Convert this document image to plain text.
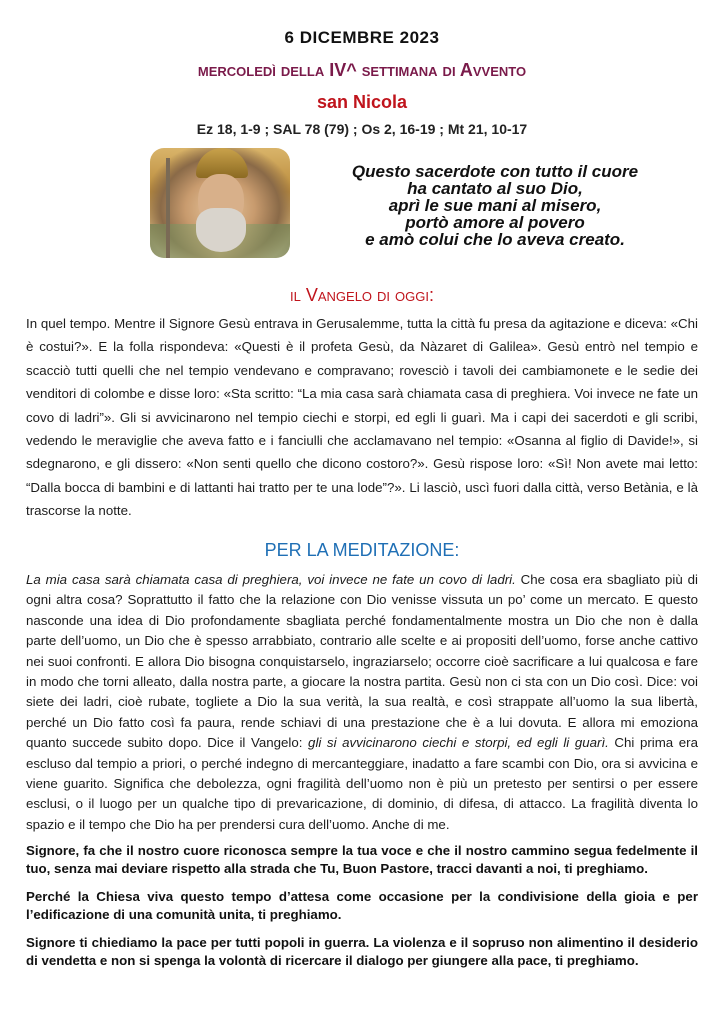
6 DICEMBRE 2023
mercoledì della IV^ settimana di Avvento
san Nicola
Ez 18, 1-9 ; SAL 78 (79) ; Os 2, 16-19 ; Mt 21, 10-17
Questo sacerdote con tutto il cuore
ha cantato al suo Dio,
aprì le sue mani al misero,
portò amore al povero
e amò colui che lo aveva creato.
il Vangelo di oggi:
In quel tempo. Mentre il Signore Gesù entrava in Gerusalemme, tutta la città fu presa da agitazione e diceva: «Chi è costui?». E la folla rispondeva: «Questi è il profeta Gesù, da Nàzaret di Galilea». Gesù entrò nel tempio e scacciò tutti quelli che nel tempio vendevano e compravano; rovesciò i tavoli dei cambiamonete e le sedie dei venditori di colombe e disse loro: «Sta scritto: “La mia casa sarà chiamata casa di preghiera. Voi invece ne fate un covo di ladri”». Gli si avvicinarono nel tempio ciechi e storpi, ed egli li guarì. Ma i capi dei sacerdoti e gli scribi, vedendo le meraviglie che aveva fatto e i fanciulli che acclamavano nel tempio: «Osanna al figlio di Davide!», si sdegnarono, e gli dissero: «Non senti quello che dicono costoro?». Gesù rispose loro: «Sì! Non avete mai letto: “Dalla bocca di bambini e di lattanti hai tratto per te una lode”?». Li lasciò, uscì fuori dalla città, verso Betània, e là trascorse la notte.
PER LA MEDITAZIONE:
La mia casa sarà chiamata casa di preghiera, voi invece ne fate un covo di ladri. Che cosa era sbagliato più di ogni altra cosa? Soprattutto il fatto che la relazione con Dio venisse vissuta un po’ come un mercato. E questo nasconde una idea di Dio profondamente sbagliata perché fondamentalmente mostra un Dio che non è dalla parte dell’uomo, un Dio che è spesso arrabbiato, contrario alle scelte e ai propositi dell’uomo, forse anche cattivo nei suoi confronti. E allora Dio bisogna conquistarselo, ingraziarselo; occorre cioè sacrificare a lui qualcosa e fare in modo che torni alleato, dalla nostra parte, a giocare la nostra partita. Gesù non ci sta con un Dio così. Dice: voi siete dei ladri, cioè rubate, togliete a Dio la sua verità, la sua realtà, e così strappate all’uomo la sua libertà, perché un Dio fatto così fa paura, rende schiavi di una prestazione che è a lui dovuta. E allora mi emoziona quanto succede subito dopo. Dice il Vangelo: gli si avvicinarono ciechi e storpi, ed egli li guarì. Chi prima era escluso dal tempio a priori, o perché indegno di mercanteggiare, inadatto a fare scambi con Dio, ora si avvicina e viene guarito. Significa che debolezza, ogni fragilità dell’uomo non è più un pretesto per sentirsi o per essere esclusi, o il luogo per un qualche tipo di prevaricazione, di dominio, di difesa, di attacco. La fragilità diventa lo spazio e il tempo che Dio ha per prendersi cura dell’uomo. Anche di me.

Signore, fa che il nostro cuore riconosca sempre la tua voce e che il nostro cammino segua fedelmente il tuo, senza mai deviare rispetto alla strada che Tu, Buon Pastore, tracci davanti a noi, ti preghiamo.

Perché la Chiesa viva questo tempo d’attesa come occasione per la condivisione della gioia e per l’edificazione di una comunità unita, ti preghiamo.

Signore ti chiediamo la pace per tutti popoli in guerra. La violenza e il sopruso non alimentino il desiderio di vendetta e non si spenga la volontà di ricercare il dialogo per giungere alla pace, ti preghiamo.
